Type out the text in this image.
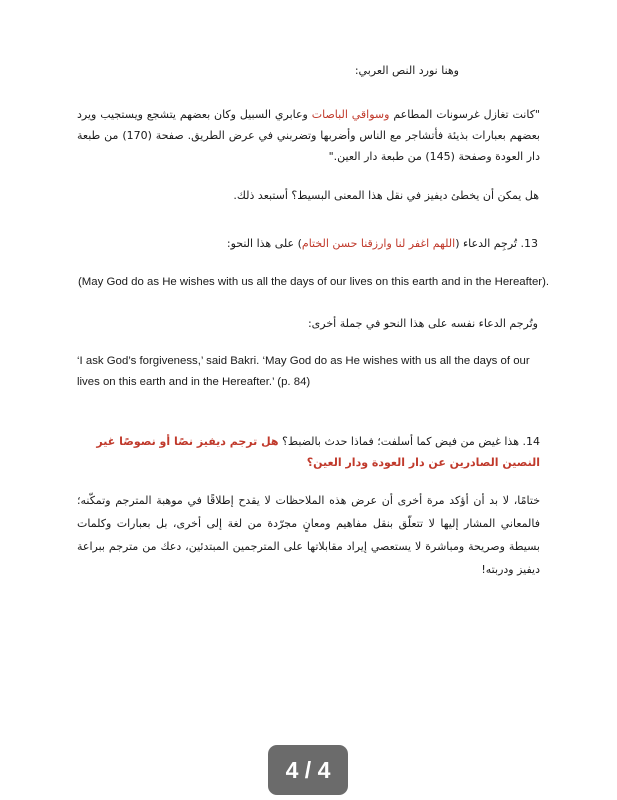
وهنا نورد النص العربي:

"كانت تغازل غرسونات المطاعم وسواقي الباصات وعابري السبيل وكان بعضهم يتشجع ويستجيب ويرد بعضهم بعبارات بذيئة فأتشاجر مع الناس وأضربها وتضربني في عرض الطريق. صفحة (170) من طبعة دار العودة وصفحة (145) من طبعة دار العين."

هل يمكن أن يخطئ ديفيز في نقل هذا المعنى البسيط؟ أستبعد ذلك.

13. تُرجِم الدعاء (اللهم اغفر لنا وارزقنا حسن الختام) على هذا النحو:

(May God do as He wishes with us all the days of our lives on this earth and in the Hereafter).

وتُرجم الدعاء نفسه على هذا النحو في جملة أخرى:

‘I ask God’s forgiveness,’ said Bakri. ‘May God do as He wishes with us all the days of our lives on this earth and in the Hereafter.’ (p. 84)

14. هذا غيض من فيض كما أسلفت؛ فماذا حدث بالضبط؟ هل ترجم ديفيز نصًا أو نصوصًا غير النصين الصادرين عن دار العودة ودار العين؟

ختامًا، لا بد أن أؤكد مرة أخرى أن عرض هذه الملاحظات لا يقدح إطلاقًا في موهبة المترجم وتمكّنه؛ فالمعاني المشار إليها لا تتعلّق بنقل مفاهيم ومعانٍ مجرّدة من لغة إلى أخرى، بل بعبارات وكلمات بسيطة وصريحة ومباشرة لا يستعصي إيراد مقابلاتها على المترجمين المبتدئين، دعك من مترجم ببراعة ديفيز ودربته!

4 / 4
